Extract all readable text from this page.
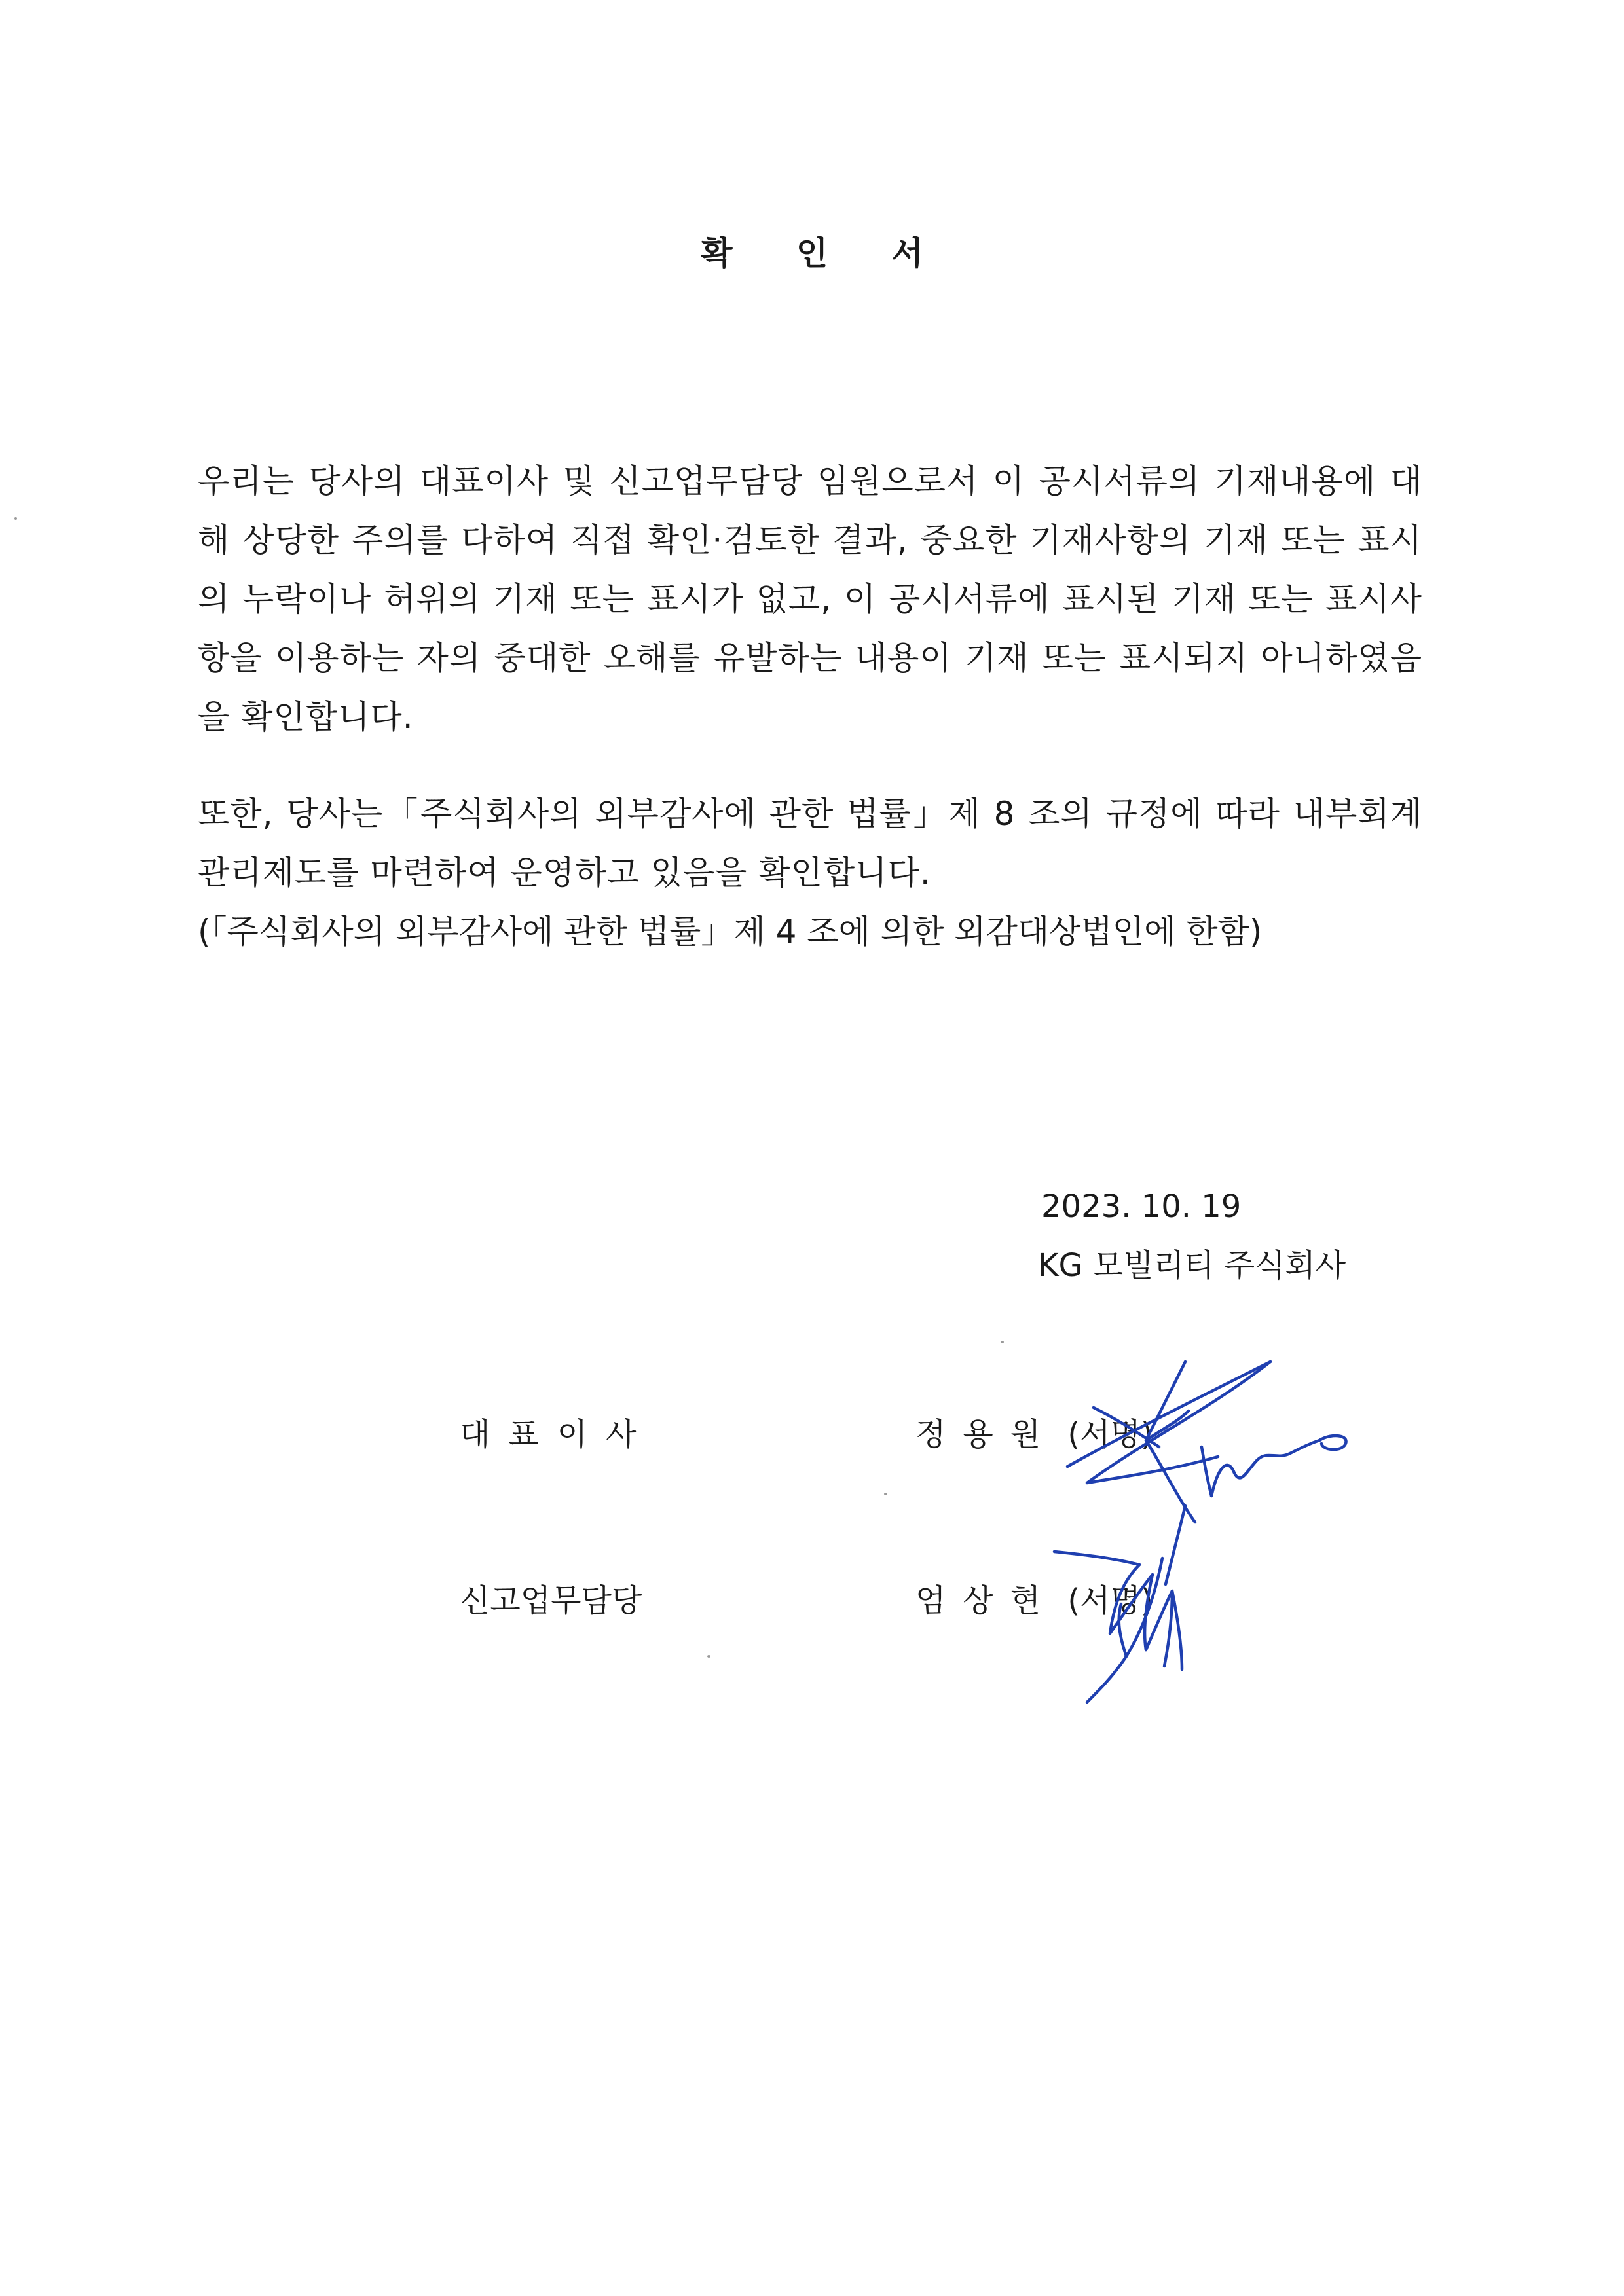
확 인 서

우리는 당사의 대표이사 및 신고업무담당 임원으로서 이 공시서류의 기재내용에 대해 상당한 주의를 다하여 직접 확인·검토한 결과, 중요한 기재사항의 기재 또는 표시의 누락이나 허위의 기재 또는 표시가 없고, 이 공시서류에 표시된 기재 또는 표시사항을 이용하는 자의 중대한 오해를 유발하는 내용이 기재 또는 표시되지 아니하였음을 확인합니다.

또한, 당사는「주식회사의 외부감사에 관한 법률」제 8 조의 규정에 따라 내부회계관리제도를 마련하여 운영하고 있음을 확인합니다.

(「주식회사의 외부감사에 관한 법률」제 4 조에 의한 외감대상법인에 한함)
2023. 10. 19
KG 모빌리티 주식회사
대표이사	정용원 (서명)
신고업무담당	엄상현 (서명)
